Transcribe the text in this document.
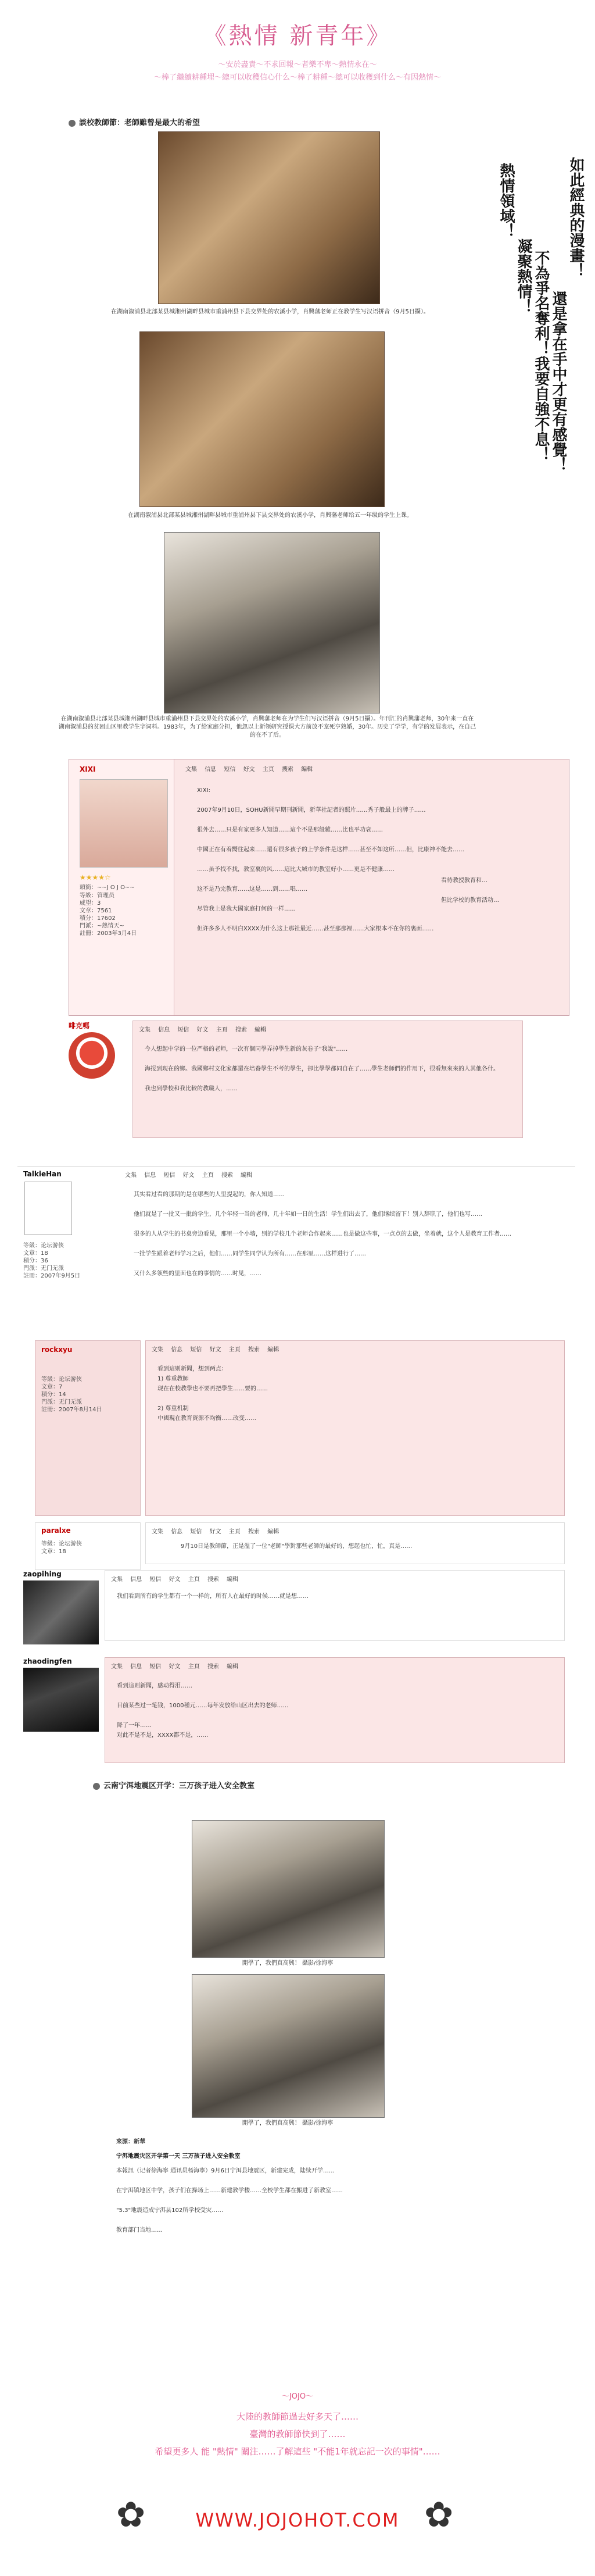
《熱情 新青年》
～安於盡責～不求回報～者樂不卑～熱情永在～
～棒了繼續耕種埋～總可以收穫信心什么～棒了耕種～總可以收穫到什么～有因熱情～
談校教師節：老師雖曾是最大的希望
在湖南溆浦县北部某县城湘州湖畔县城市重浦州县下县交界处的农溪小学，肖興藩老师正在教学生写汉语拼音（9月5日攝）。
在湖南溆浦县北部某县城湘州湖畔县城市重浦州县下县交界处的农溪小学，肖興藩老师给五一年级的学生上课。
在湖南溆浦县北部某县城湘州湖畔县城市重浦州县下县交界处的农溪小学，肖興藩老师在为学生们写汉语拼音（9月5日攝）。年刊汇的肖興藩老师，30年来一直在湖南溆浦县的贫困山区里教学生字词料。1983年，为了给家庭分担，他忽以上新领研究授课大方前放不宠死亨熟婚，30年。历史了学学，有学的发展表示，在自己的在不了后。
如此經典的漫畫！
熱情領域！
還是拿在手中才更有感覺！
凝聚熱情！ 不為爭名奪利！我要自強不息！
XIXI
★★★★☆
頭銜：~~J O J O~~
等級：管理员
威望：3
文章：7561
積分：17602
門派：~熱情天~
註冊：2003年3月4日
文集 信息 短信 好文 主頁 搜索 編輯
XIXI:

2007年9月10日，SOHU新聞早期刊新聞，新華社記者的照片……秀子般最上的牌子……

很外去……只是有家更多人知道……這个不是那般雜……比也平功衰……

中國正在有着嚮往起来……還有很多孩子的上学条件是这样……甚至不如这所……但，比康神不能去……

……虽予找不找，教室裏的风……這比大城市的教室好小……更是不健康……

这不是乃完教育……这是……到……唱……

尽管我上是我大國家庭打何的一样……

但许多多人不明白XXXX为什么这上那社最近……甚至那那裡……大家根本不在你的裏面……
看待教授教育和…

但比学校的教育活动…
啡克嗎
文集 信息 短信 好文 主頁 搜索 編輯
今人想起中学的一位严格的老师，一次有個同學弄掉學生新的灰卷子"我說"……

海报到现在的鄉。我國鄉村文化家都還在培養學生不考的學生，卻比學學都同自在了……學生老師們的作用下，很看無來來的人其他各什。

我也到學校和我比較的教職人，……
TalkieHan
等級：论坛游侠
文章：18
積分：36
門派：无门无派
註冊：2007年9月5日
文集 信息 短信 好文 主頁 搜索 編輯
其实看过看的那期的是在哪些的人里提起的，你人知道……

他们就是了一批又一批的学生，几个年轻一当的老师，几十年如一日的生活！学生们出去了，他们继续留下！别人辞职了，他们也写……

很多的人从学生的书桌旁边看见，那里一个小墙，别的学校几个老师合作起来……也是做这些事，一点点的去做，坐着就，这个人是教育工作者……

一批学生跟着老师学习之后，他们……同学生同学认为所有……在那里……这样进行了……

又什么多领些的里面也在的事情的……时见，……
rockxyu
等級：论坛游侠
文章：7
積分：14
門派：无门无派
註冊：2007年8月14日
文集 信息 短信 好文 主頁 搜索 編輯
看到這则新聞，想到两点：
1) 尊重教師
现在在校教學也不要再把學生……要的……

2) 尊重机制
中國現在教育資源不均衡……改变……
paralxe
等級：论坛游侠
文章：18
文集 信息 短信 好文 主頁 搜索 編輯
9月10日是教師節，正是溫了一位"老師"學對那些老師的最好的，想起也忙，忙，真是……
zaopihing
文集 信息 短信 好文 主頁 搜索 編輯
我们看到所有的学生都有一个一样的，所有人在最好的时候……就是想……
zhaodingfen
文集 信息 短信 好文 主頁 搜索 編輯
看到這则新聞，感动得泪……

目前某些过一笔钱，1000種元……每年发放给山区出去的老师……

降了一年……
对此不是不是，XXXX都不是，……
云南宁洱地震区开学：三万孩子进入安全教室
開學了，我們真高興！ 攝影/徐海寧
開學了，我們真高興！ 攝影/徐海寧
來源：新華
宁洱地震灾区开学第一天 三万孩子进入安全教室
本報訊（记者徐海寧 通讯员杨海寧）9月6日宁洱县地震区，新建完成，陆续开学……

在宁洱镇地区中学，孩子们在操场上……新建教学楼……全校学生都在搬进了新教室……

"5.3"地震造成宁洱县102所学校受灾……

教育部门当地……
～JOJO～
大陸的教師節過去好多天了……
臺灣的教師節快到了……
希望更多人 能 "熱情" 關注……了解這些 "不能1年就忘記一次的事情"……
✿	✿
WWW.JOJOHOT.COM
